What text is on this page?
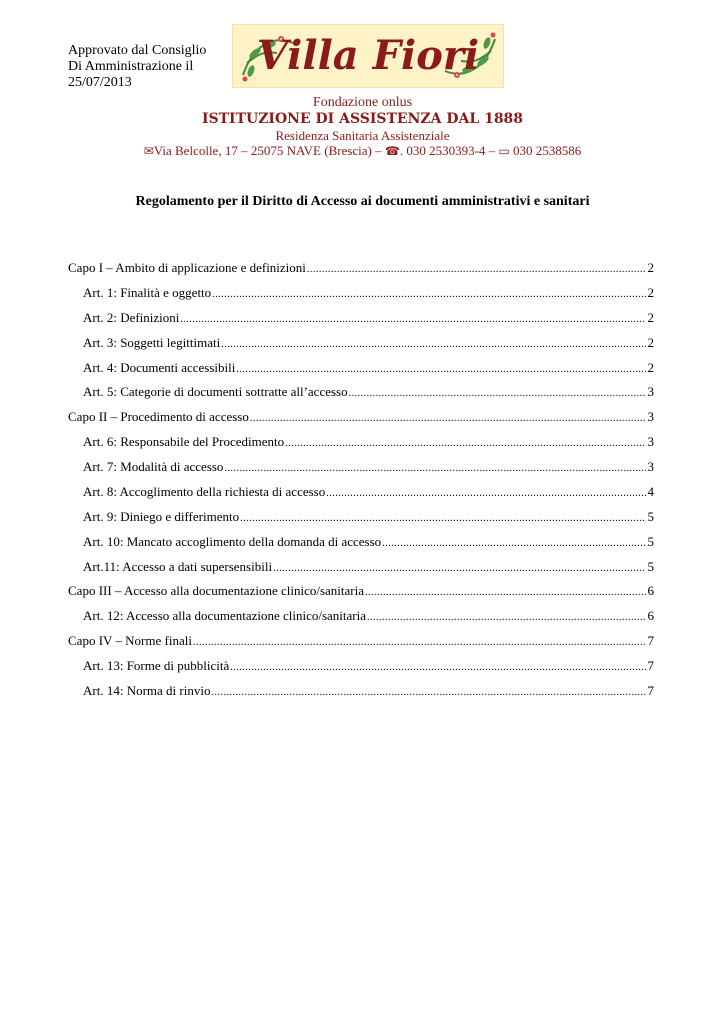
Approvato dal Consiglio
Di Amministrazione il
25/07/2013
Villa Fiori
Fondazione onlus
ISTITUZIONE DI ASSISTENZA DAL 1888
Residenza Sanitaria Assistenziale
✉Via Belcolle, 17 – 25075 NAVE (Brescia) – ☎. 030 2530393-4 – ▭ 030 2538586
Regolamento per il Diritto di Accesso ai documenti amministrativi e sanitari
Capo I – Ambito di applicazione e definizioni .....	2
Art. 1: Finalità e oggetto .....	2
Art. 2: Definizioni .....	2
Art. 3: Soggetti legittimati .....	2
Art. 4: Documenti accessibili .....	2
Art. 5: Categorie di documenti sottratte all’accesso .....	3
Capo II – Procedimento di accesso .....	3
Art. 6: Responsabile del Procedimento .....	3
Art. 7: Modalità di accesso .....	3
Art. 8: Accoglimento della richiesta di accesso .....	4
Art. 9: Diniego e differimento .....	5
Art. 10: Mancato accoglimento della domanda di accesso .....	5
Art.11: Accesso a dati supersensibili .....	5
Capo III – Accesso alla documentazione clinico/sanitaria .....	6
Art. 12: Accesso alla documentazione clinico/sanitaria .....	6
Capo IV – Norme finali .....	7
Art. 13: Forme di pubblicità .....	7
Art. 14: Norma di rinvio .....	7
